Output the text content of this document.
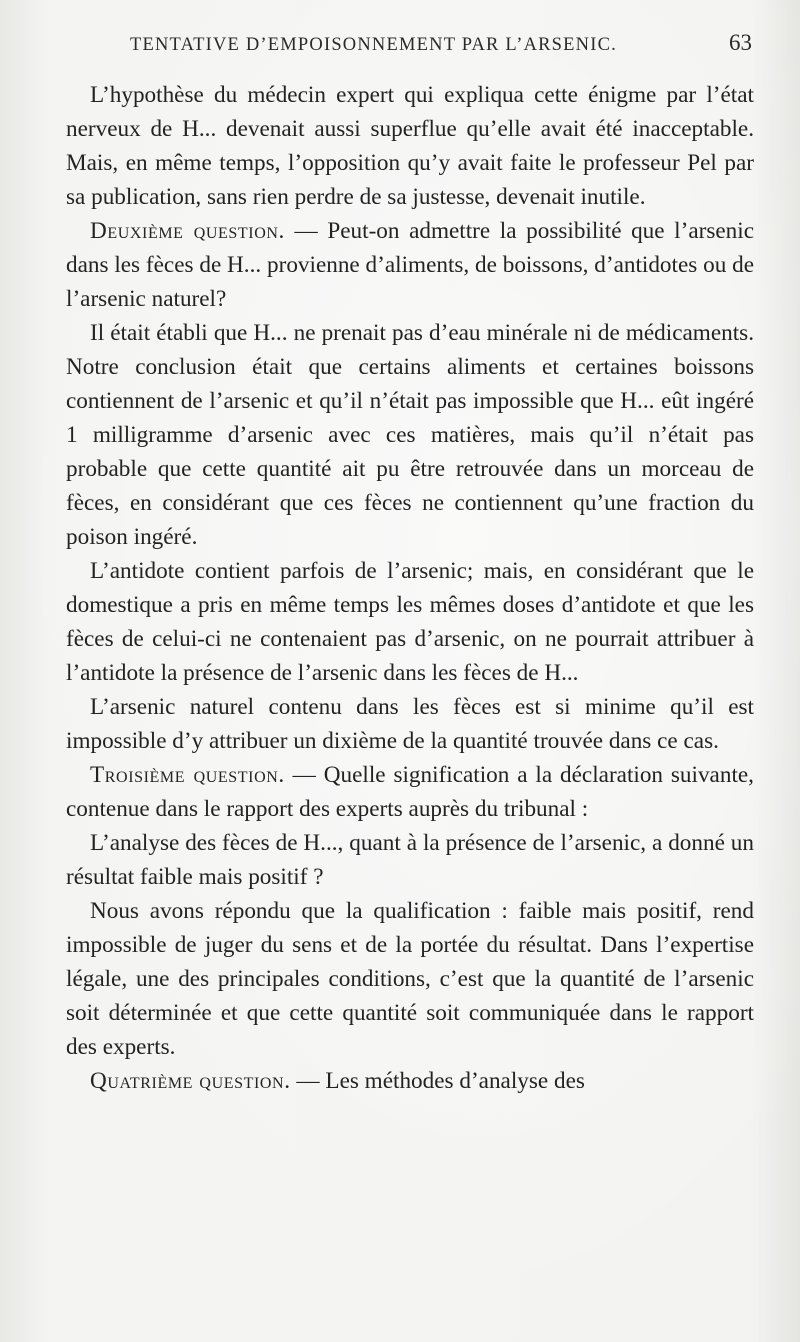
TENTATIVE D’EMPOISONNEMENT PAR L’ARSENIC.	63

L’hypothèse du médecin expert qui expliqua cette énigme par l’état nerveux de H... devenait aussi superflue qu’elle avait été inacceptable. Mais, en même temps, l’opposition qu’y avait faite le professeur Pel par sa publication, sans rien perdre de sa justesse, devenait inutile.

Deuxième question. — Peut-on admettre la possibilité que l’arsenic dans les fèces de H... provienne d’aliments, de boissons, d’antidotes ou de l’arsenic naturel?

Il était établi que H... ne prenait pas d’eau minérale ni de médicaments. Notre conclusion était que certains aliments et certaines boissons contiennent de l’arsenic et qu’il n’était pas impossible que H... eût ingéré 1 milligramme d’arsenic avec ces matières, mais qu’il n’était pas probable que cette quantité ait pu être retrouvée dans un morceau de fèces, en considérant que ces fèces ne contiennent qu’une fraction du poison ingéré.

L’antidote contient parfois de l’arsenic; mais, en considérant que le domestique a pris en même temps les mêmes doses d’antidote et que les fèces de celui-ci ne contenaient pas d’arsenic, on ne pourrait attribuer à l’antidote la présence de l’arsenic dans les fèces de H...

L’arsenic naturel contenu dans les fèces est si minime qu’il est impossible d’y attribuer un dixième de la quantité trouvée dans ce cas.

Troisième question. — Quelle signification a la déclaration suivante, contenue dans le rapport des experts auprès du tribunal :

L’analyse des fèces de H..., quant à la présence de l’arsenic, a donné un résultat faible mais positif ?

Nous avons répondu que la qualification : faible mais positif, rend impossible de juger du sens et de la portée du résultat. Dans l’expertise légale, une des principales conditions, c’est que la quantité de l’arsenic soit déterminée et que cette quantité soit communiquée dans le rapport des experts.

Quatrième question. — Les méthodes d’analyse des
